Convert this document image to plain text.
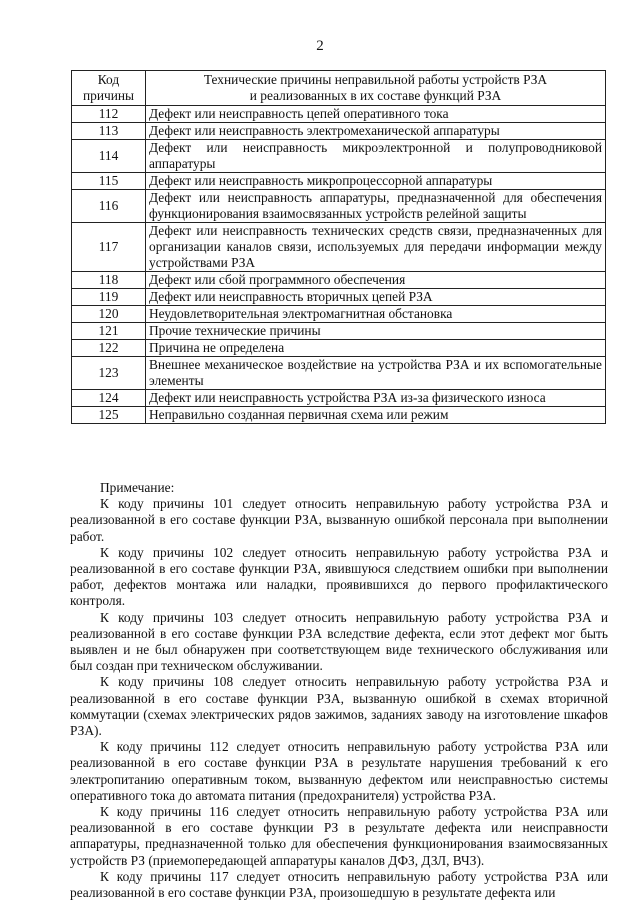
2
Код
причины	Технические причины неправильной работы устройств РЗА
и реализованных в их составе функций РЗА
112	Дефект или неисправность цепей оперативного тока
113	Дефект или неисправность электромеханической аппаратуры
114	Дефект или неисправность микроэлектронной и полупроводниковой аппаратуры
115	Дефект или неисправность микропроцессорной аппаратуры
116	Дефект или неисправность аппаратуры, предназначенной для обеспечения функционирования взаимосвязанных устройств релейной защиты
117	Дефект или неисправность технических средств связи, предназначенных для организации каналов связи, используемых для передачи информации между устройствами РЗА
118	Дефект или сбой программного обеспечения
119	Дефект или неисправность вторичных цепей РЗА
120	Неудовлетворительная электромагнитная обстановка
121	Прочие технические причины
122	Причина не определена
123	Внешнее механическое воздействие на устройства РЗА и их вспомогательные элементы
124	Дефект или неисправность устройства РЗА из-за физического износа
125	Неправильно созданная первичная схема или режим
Примечание:

К коду причины 101 следует относить неправильную работу устройства РЗА и реализованной в его составе функции РЗА, вызванную ошибкой персонала при выполнении работ.

К коду причины 102 следует относить неправильную работу устройства РЗА и реализованной в его составе функции РЗА, явившуюся следствием ошибки при выполнении работ, дефектов монтажа или наладки, проявившихся до первого профилактического контроля.

К коду причины 103 следует относить неправильную работу устройства РЗА и реализованной в его составе функции РЗА вследствие дефекта, если этот дефект мог быть выявлен и не был обнаружен при соответствующем виде технического обслуживания или был создан при техническом обслуживании.

К коду причины 108 следует относить неправильную работу устройства РЗА и реализованной в его составе функции РЗА, вызванную ошибкой в схемах вторичной коммутации (схемах электрических рядов зажимов, заданиях заводу на изготовление шкафов РЗА).

К коду причины 112 следует относить неправильную работу устройства РЗА или реализованной в его составе функции РЗА в результате нарушения требований к его электропитанию оперативным током, вызванную дефектом или неисправностью системы оперативного тока до автомата питания (предохранителя) устройства РЗА.

К коду причины 116 следует относить неправильную работу устройства РЗА или реализованной в его составе функции РЗ в результате дефекта или неисправности аппаратуры, предназначенной только для обеспечения функционирования взаимосвязанных устройств РЗ (приемопередающей аппаратуры каналов ДФЗ, ДЗЛ, ВЧЗ).

К коду причины 117 следует относить неправильную работу устройства РЗА или реализованной в его составе функции РЗА, произошедшую в результате дефекта или
